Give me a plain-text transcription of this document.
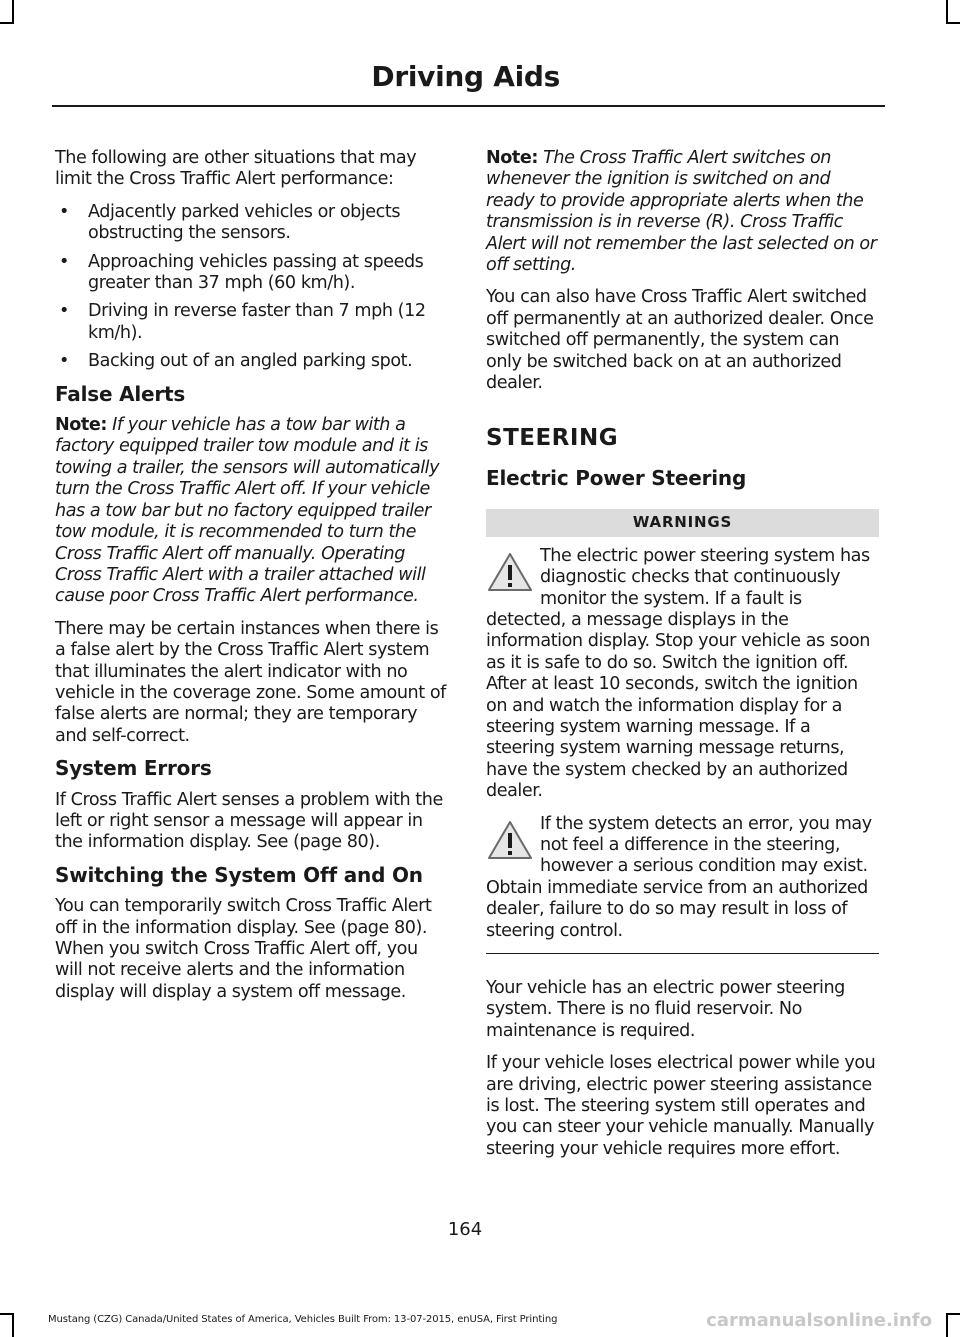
Driving Aids

The following are other situations that may limit the Cross Traffic Alert performance:

• Adjacently parked vehicles or objects obstructing the sensors.
• Approaching vehicles passing at speeds greater than 37 mph (60 km/h).
• Driving in reverse faster than 7 mph (12 km/h).
• Backing out of an angled parking spot.
False Alerts

Note: If your vehicle has a tow bar with a factory equipped trailer tow module and it is towing a trailer, the sensors will automatically turn the Cross Traffic Alert off. If your vehicle has a tow bar but no factory equipped trailer tow module, it is recommended to turn the Cross Traffic Alert off manually. Operating Cross Traffic Alert with a trailer attached will cause poor Cross Traffic Alert performance.

There may be certain instances when there is a false alert by the Cross Traffic Alert system that illuminates the alert indicator with no vehicle in the coverage zone. Some amount of false alerts are normal; they are temporary and self-correct.

System Errors

If Cross Traffic Alert senses a problem with the left or right sensor a message will appear in the information display. See (page 80).

Switching the System Off and On

You can temporarily switch Cross Traffic Alert off in the information display. See (page 80). When you switch Cross Traffic Alert off, you will not receive alerts and the information display will display a system off message.

Note: The Cross Traffic Alert switches on whenever the ignition is switched on and ready to provide appropriate alerts when the transmission is in reverse (R). Cross Traffic Alert will not remember the last selected on or off setting.

You can also have Cross Traffic Alert switched off permanently at an authorized dealer. Once switched off permanently, the system can only be switched back on at an authorized dealer.

STEERING
Electric Power Steering
WARNINGS
The electric power steering system has diagnostic checks that continuously monitor the system. If a fault is detected, a message displays in the information display. Stop your vehicle as soon as it is safe to do so. Switch the ignition off. After at least 10 seconds, switch the ignition on and watch the information display for a steering system warning message. If a steering system warning message returns, have the system checked by an authorized dealer.
If the system detects an error, you may not feel a difference in the steering, however a serious condition may exist. Obtain immediate service from an authorized dealer, failure to do so may result in loss of steering control.

Your vehicle has an electric power steering system. There is no fluid reservoir. No maintenance is required.

If your vehicle loses electrical power while you are driving, electric power steering assistance is lost. The steering system still operates and you can steer your vehicle manually. Manually steering your vehicle requires more effort.

164
Mustang (CZG) Canada/United States of America, Vehicles Built From: 13-07-2015, enUSA, First Printing	carmanualsonline.info
